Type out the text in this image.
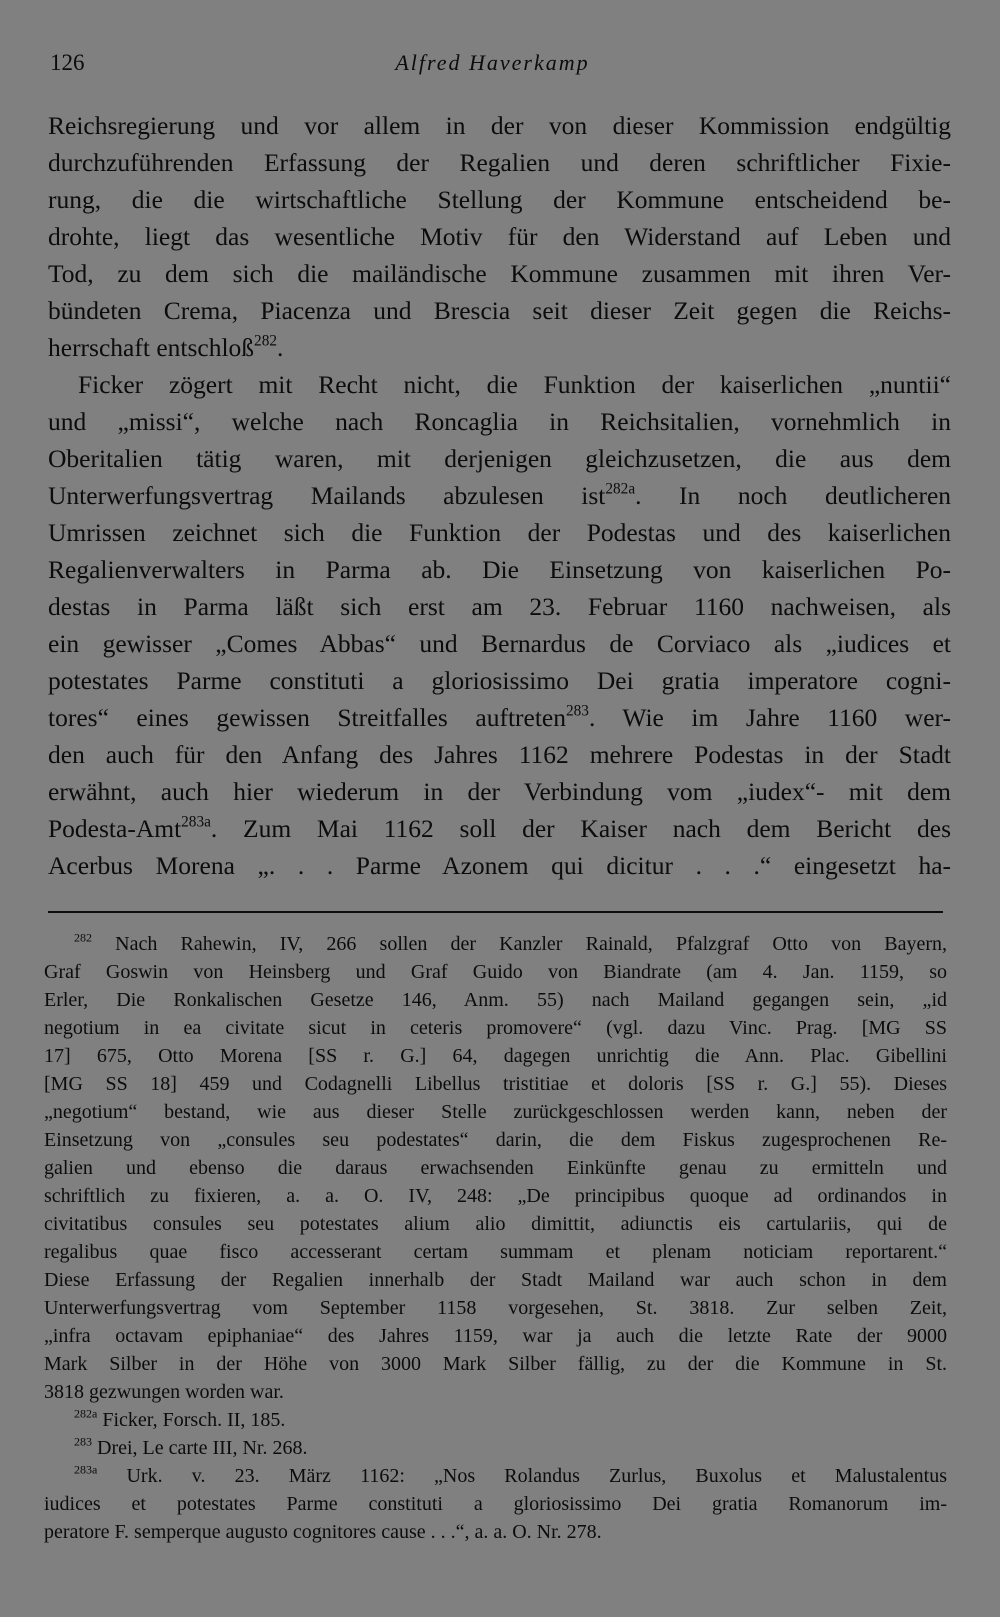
126	Alfred Haverkamp
Reichsregierung und vor allem in der von dieser Kommission endgültig
durchzuführenden Erfassung der Regalien und deren schriftlicher Fixie-
rung, die die wirtschaftliche Stellung der Kommune entscheidend be-
drohte, liegt das wesentliche Motiv für den Widerstand auf Leben und
Tod, zu dem sich die mailändische Kommune zusammen mit ihren Ver-
bündeten Crema, Piacenza und Brescia seit dieser Zeit gegen die Reichs-
herrschaft entschloß$^{282}$.
Ficker zögert mit Recht nicht, die Funktion der kaiserlichen „nuntii“
und „missi“, welche nach Roncaglia in Reichsitalien, vornehmlich in
Oberitalien tätig waren, mit derjenigen gleichzusetzen, die aus dem
Unterwerfungsvertrag Mailands abzulesen ist$^{282a}$. In noch deutlicheren
Umrissen zeichnet sich die Funktion der Podestas und des kaiserlichen
Regalienverwalters in Parma ab. Die Einsetzung von kaiserlichen Po-
destas in Parma läßt sich erst am 23. Februar 1160 nachweisen, als
ein gewisser „Comes Abbas“ und Bernardus de Corviaco als „iudices et
potestates Parme constituti a gloriosissimo Dei gratia imperatore cogni-
tores“ eines gewissen Streitfalles auftreten$^{283}$. Wie im Jahre 1160 wer-
den auch für den Anfang des Jahres 1162 mehrere Podestas in der Stadt
erwähnt, auch hier wiederum in der Verbindung vom „iudex“- mit dem
Podesta-Amt$^{283a}$. Zum Mai 1162 soll der Kaiser nach dem Bericht des
Acerbus Morena „. . . Parme Azonem qui dicitur . . .“ eingesetzt ha-
$^{282}$ Nach Rahewin, IV, 266 sollen der Kanzler Rainald, Pfalzgraf Otto von Bayern,
Graf Goswin von Heinsberg und Graf Guido von Biandrate (am 4. Jan. 1159, so
Erler, Die Ronkalischen Gesetze 146, Anm. 55) nach Mailand gegangen sein, „id
negotium in ea civitate sicut in ceteris promovere“ (vgl. dazu Vinc. Prag. [MG SS
17] 675, Otto Morena [SS r. G.] 64, dagegen unrichtig die Ann. Plac. Gibellini
[MG SS 18] 459 und Codagnelli Libellus tristitiae et doloris [SS r. G.] 55). Dieses
„negotium“ bestand, wie aus dieser Stelle zurückgeschlossen werden kann, neben der
Einsetzung von „consules seu podestates“ darin, die dem Fiskus zugesprochenen Re-
galien und ebenso die daraus erwachsenden Einkünfte genau zu ermitteln und
schriftlich zu fixieren, a. a. O. IV, 248: „De principibus quoque ad ordinandos in
civitatibus consules seu potestates alium alio dimittit, adiunctis eis cartulariis, qui de
regalibus quae fisco accesserant certam summam et plenam noticiam reportarent.“
Diese Erfassung der Regalien innerhalb der Stadt Mailand war auch schon in dem
Unterwerfungsvertrag vom September 1158 vorgesehen, St. 3818. Zur selben Zeit,
„infra octavam epiphaniae“ des Jahres 1159, war ja auch die letzte Rate der 9000
Mark Silber in der Höhe von 3000 Mark Silber fällig, zu der die Kommune in St.
3818 gezwungen worden war.
$^{282a}$ Ficker, Forsch. II, 185.
$^{283}$ Drei, Le carte III, Nr. 268.
$^{283a}$ Urk. v. 23. März 1162: „Nos Rolandus Zurlus, Buxolus et Malustalentus
iudices et potestates Parme constituti a gloriosissimo Dei gratia Romanorum im-
peratore F. semperque augusto cognitores cause . . .“, a. a. O. Nr. 278.
